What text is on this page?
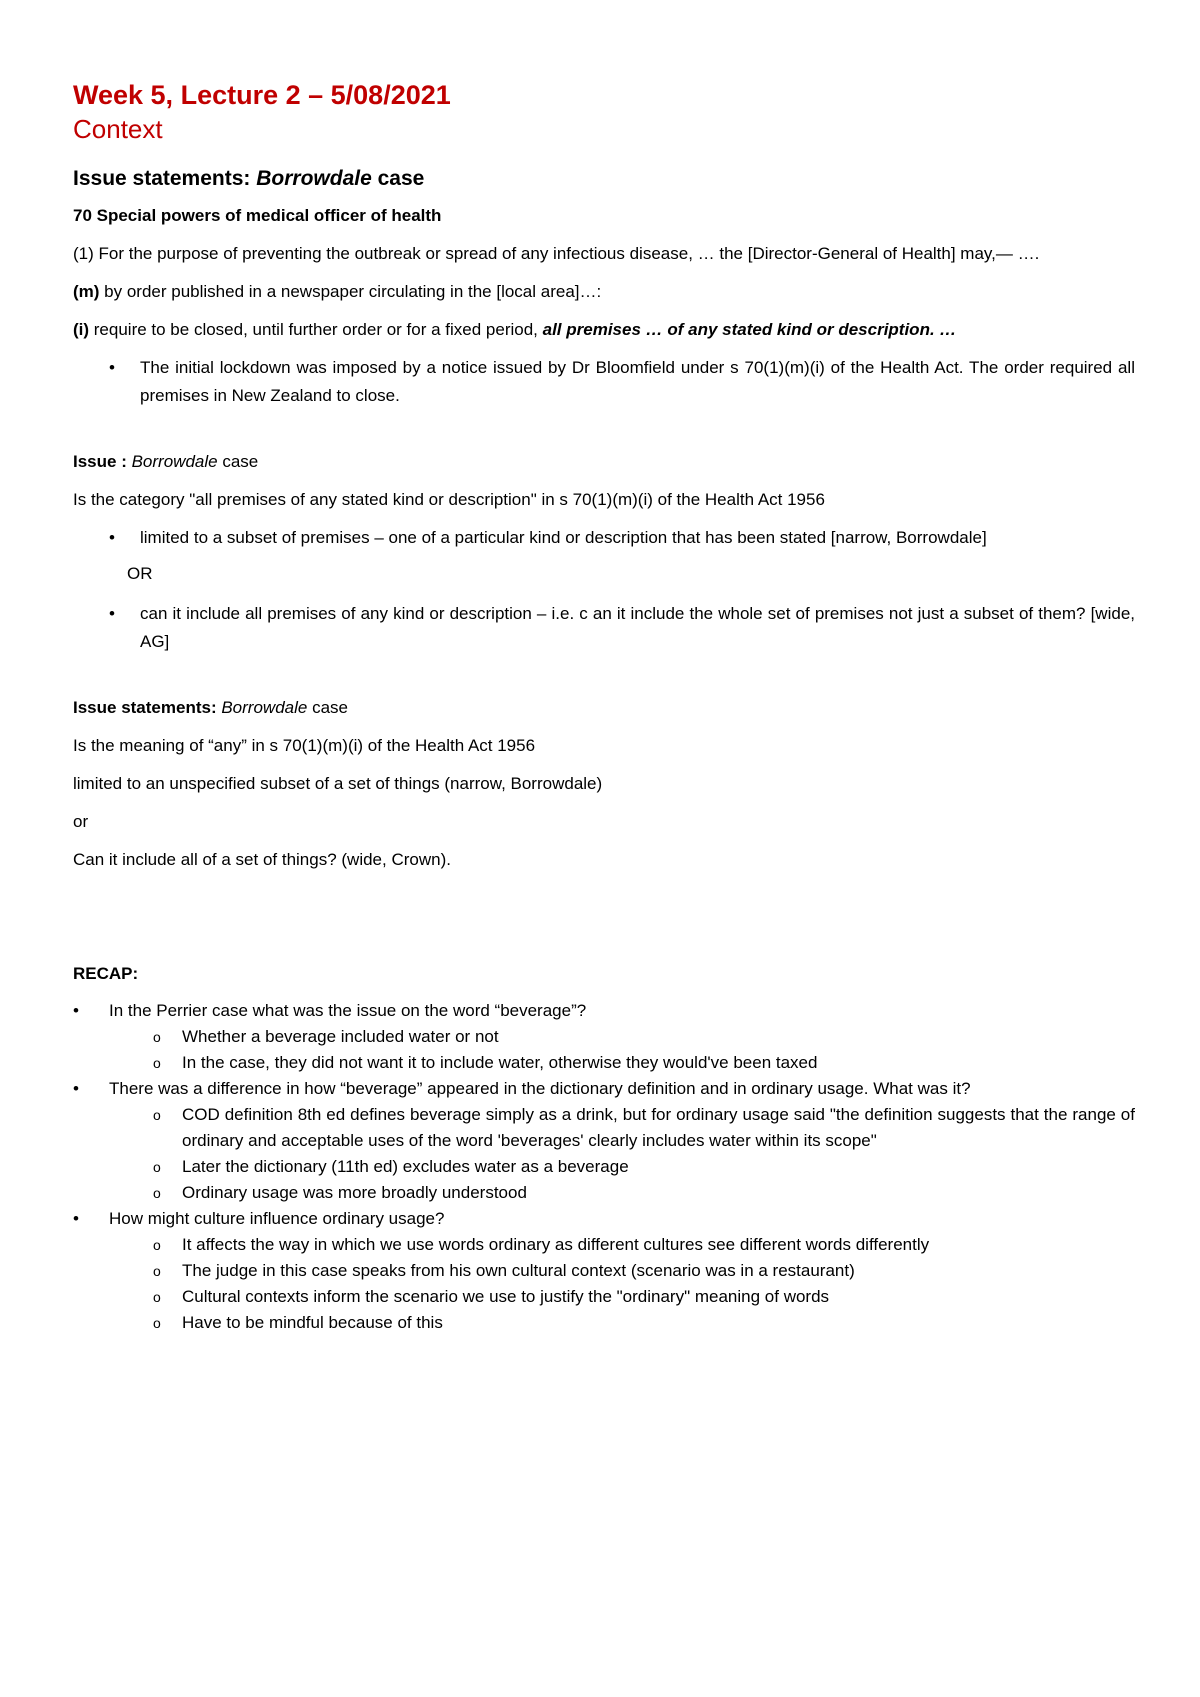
Week 5, Lecture 2 – 5/08/2021
Context
Issue statements: Borrowdale case

70 Special powers of medical officer of health

(1) For the purpose of preventing the outbreak or spread of any infectious disease, … the [Director-General of Health] may,— ….

(m) by order published in a newspaper circulating in the [local area]…:

(i) require to be closed, until further order or for a fixed period, all premises … of any stated kind or description. …

• The initial lockdown was imposed by a notice issued by Dr Bloomfield under s 70(1)(m)(i) of the Health Act. The order required all premises in New Zealand to close.

Issue : Borrowdale case

Is the category "all premises of any stated kind or description" in s 70(1)(m)(i) of the Health Act 1956

• limited to a subset of premises – one of a particular kind or description that has been stated [narrow, Borrowdale]
OR
• can it include all premises of any kind or description – i.e. c an it include the whole set of premises not just a subset of them? [wide, AG]

Issue statements: Borrowdale case

Is the meaning of “any” in s 70(1)(m)(i) of the Health Act 1956

limited to an unspecified subset of a set of things (narrow, Borrowdale)

or

Can it include all of a set of things? (wide, Crown).

RECAP:

• In the Perrier case what was the issue on the word “beverage”?
o Whether a beverage included water or not
o In the case, they did not want it to include water, otherwise they would've been taxed
• There was a difference in how “beverage” appeared in the dictionary definition and in ordinary usage. What was it?
o COD definition 8th ed defines beverage simply as a drink, but for ordinary usage said "the definition suggests that the range of ordinary and acceptable uses of the word 'beverages' clearly includes water within its scope"
o Later the dictionary (11th ed) excludes water as a beverage
o Ordinary usage was more broadly understood
• How might culture influence ordinary usage?
o It affects the way in which we use words ordinary as different cultures see different words differently
o The judge in this case speaks from his own cultural context (scenario was in a restaurant)
o Cultural contexts inform the scenario we use to justify the "ordinary" meaning of words
o Have to be mindful because of this
